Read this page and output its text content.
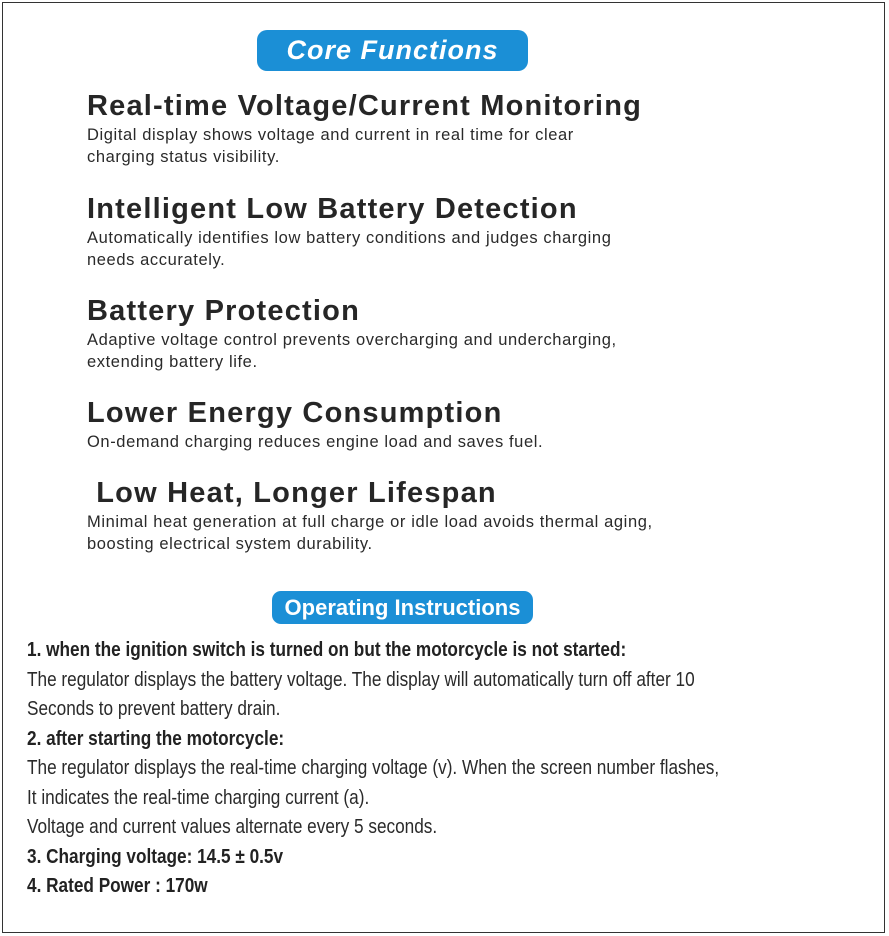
Core Functions
Real-time Voltage/Current Monitoring

Digital display shows voltage and current in real time for clear
charging status visibility.

Intelligent Low Battery Detection

Automatically identifies low battery conditions and judges charging
needs accurately.

Battery Protection

Adaptive voltage control prevents overcharging and undercharging,
extending battery life.

Lower Energy Consumption

On-demand charging reduces engine load and saves fuel.

Low Heat, Longer Lifespan

Minimal heat generation at full charge or idle load avoids thermal aging,
boosting electrical system durability.

Operating Instructions
1. when the ignition switch is turned on but the motorcycle is not started:
The regulator displays the battery voltage. The display will automatically turn off after 10
Seconds to prevent battery drain.
2. after starting the motorcycle:
The regulator displays the real-time charging voltage (v). When the screen number flashes,
It indicates the real-time charging current (a).
Voltage and current values alternate every 5 seconds.
3. Charging voltage: 14.5 ± 0.5v
4. Rated Power : 170w
